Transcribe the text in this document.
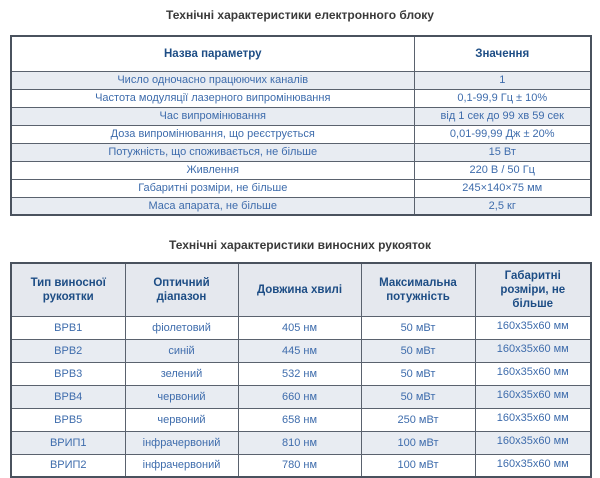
Технічні характеристики електронного блоку
Назва параметру	Значення
Число одночасно працюючих каналів	1
Частота модуляції лазерного випромінювання	0,1-99,9 Гц ± 10%
Час випромінювання	від 1 сек до 99 хв 59 сек
Доза випромінювання, що реєструється	0,01-99,99 Дж ± 20%
Потужність, що споживається, не більше	15 Вт
Живлення	220 В / 50 Гц
Габаритні розміри, не більше	245×140×75 мм
Маса апарата, не більше	2,5 кг
Технічні характеристики виносних рукояток
Тип виносної рукоятки	Оптичний діапазон	Довжина хвилі	Максимальна потужність	Габаритні розміри, не більше
ВРВ1	фіолетовий	405 нм	50 мВт	160x35x60 мм
ВРВ2	синій	445 нм	50 мВт	160x35x60 мм
ВРВ3	зелений	532 нм	50 мВт	160x35x60 мм
ВРВ4	червоний	660 нм	50 мВт	160x35x60 мм
ВРВ5	червоний	658 нм	250 мВт	160x35x60 мм
ВРИП1	інфрачервоний	810 нм	100 мВт	160x35x60 мм
ВРИП2	інфрачервоний	780 нм	100 мВт	160x35x60 мм
